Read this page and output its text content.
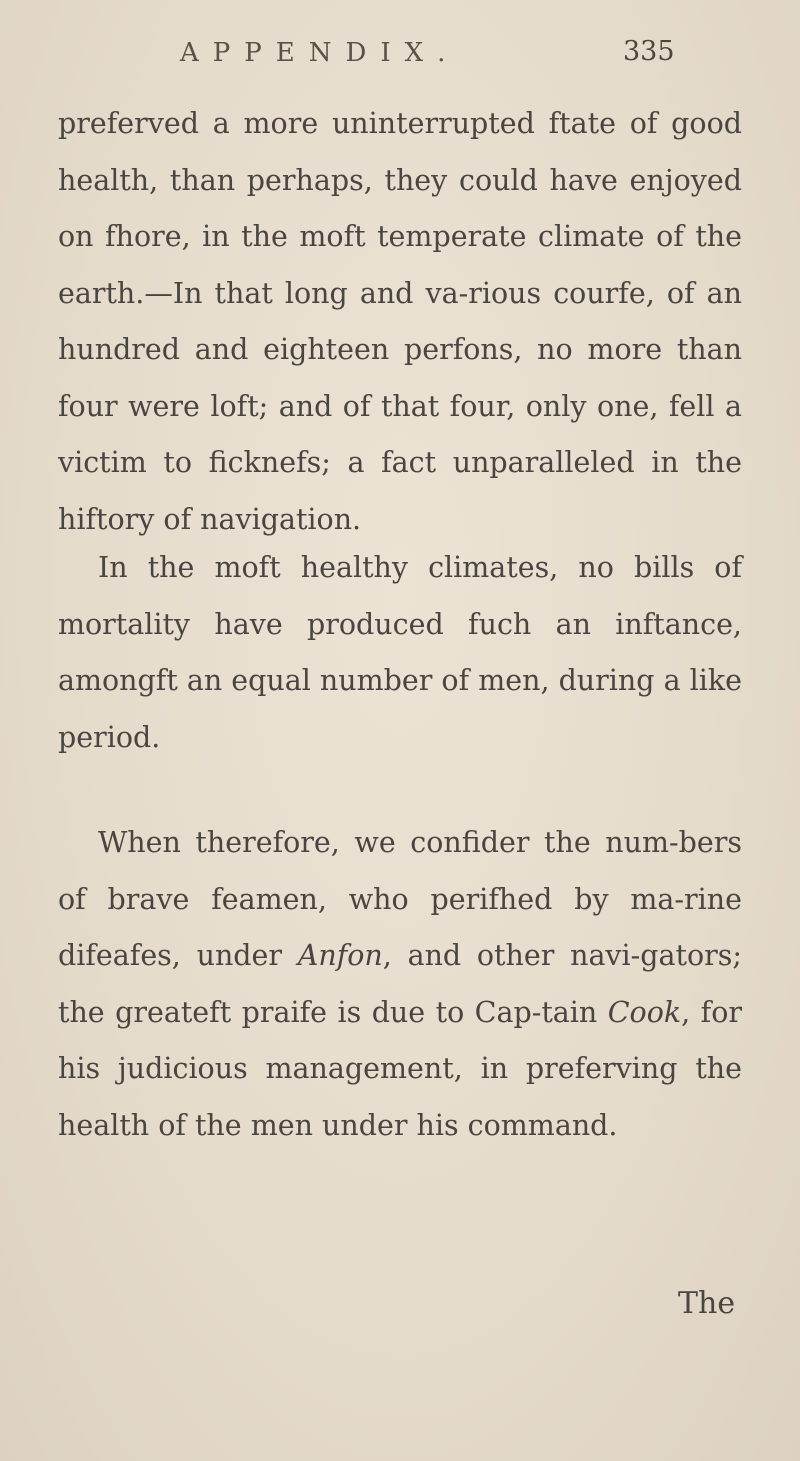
APPENDIX.	335

preferved a more uninterrupted ftate of good health, than perhaps, they could have enjoyed on fhore, in the moft temperate climate of the earth.—In that long and va-rious courfe, of an hundred and eighteen perfons, no more than four were loft; and of that four, only one, fell a victim to ficknefs; a fact unparalleled in the hiftory of navigation.

In the moft healthy climates, no bills of mortality have produced fuch an inftance, amongft an equal number of men, during a like period.

When therefore, we confider the num-bers of brave feamen, who perifhed by ma-rine difeafes, under Anfon, and other navi-gators; the greateft praife is due to Cap-tain Cook, for his judicious management, in preferving the health of the men under his command.

The
